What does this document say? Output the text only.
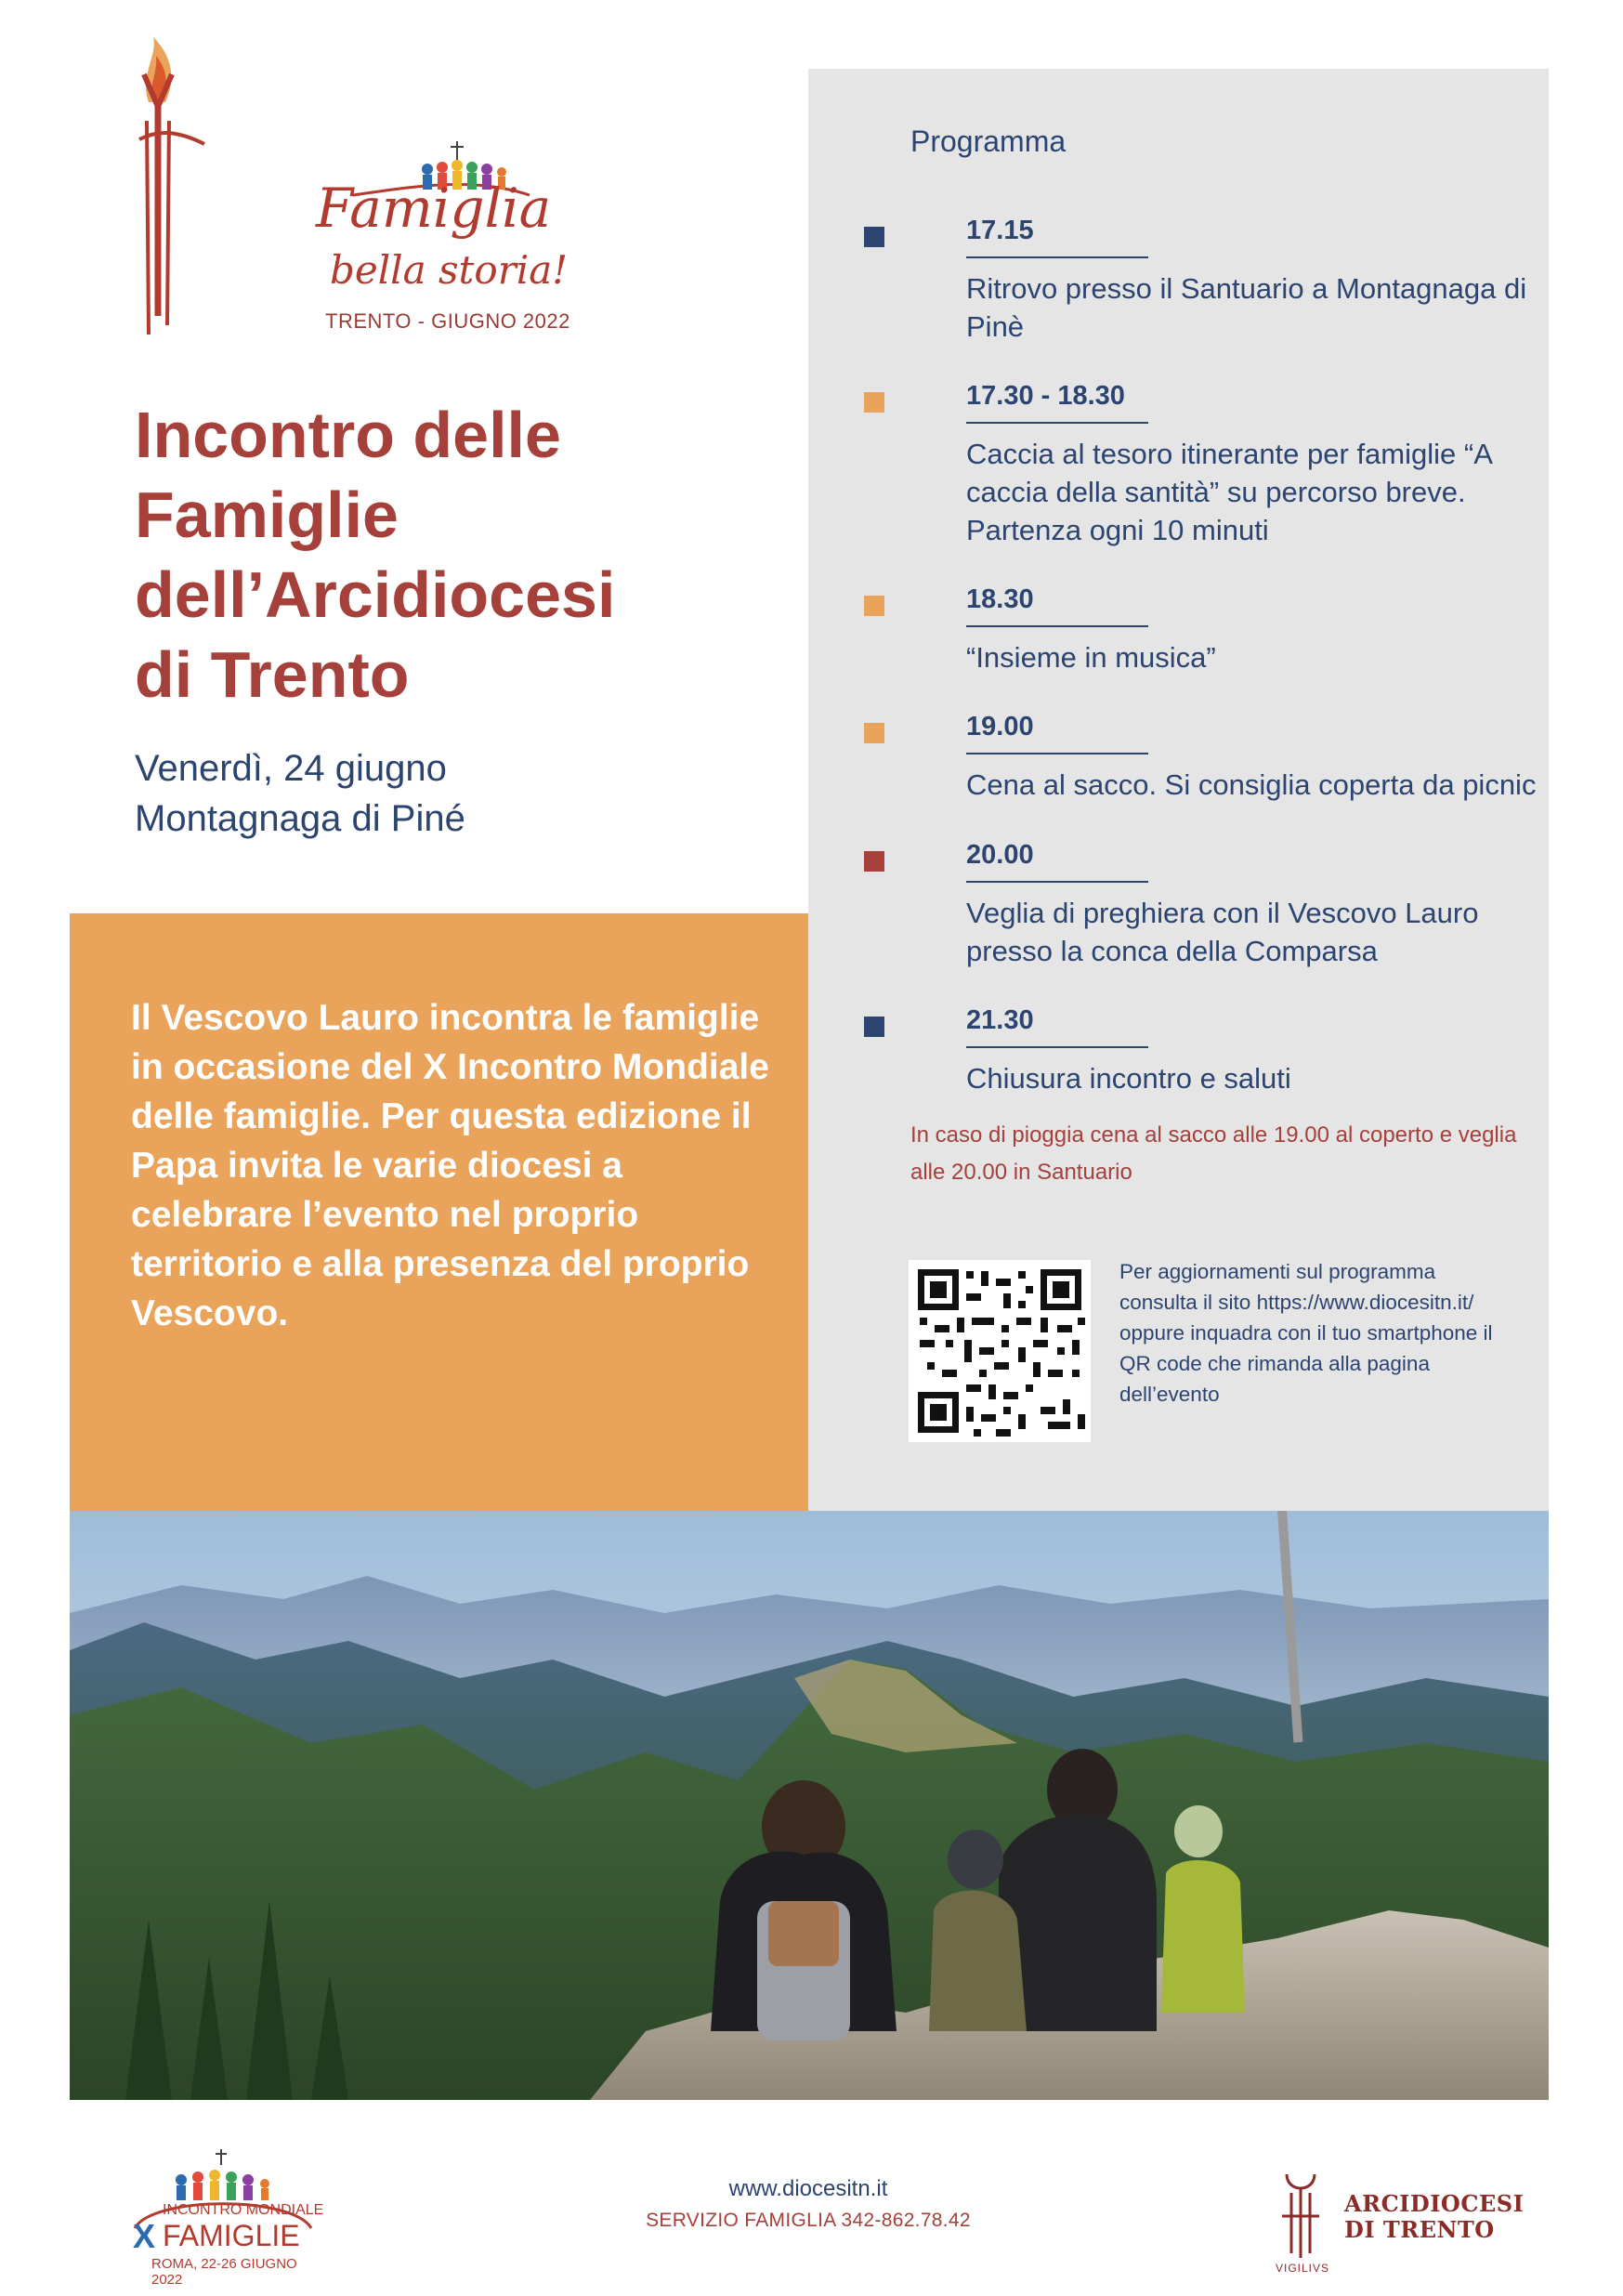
Famiglia
bella storia!
TRENTO - GIUGNO 2022
Incontro delle
Famiglie
dell’Arcidiocesi
di Trento
Venerdì, 24 giugno
Montagnaga di Piné
Programma
17.15
Ritrovo presso il Santuario a Montagnaga di Pinè
17.30 - 18.30
Caccia al tesoro itinerante per famiglie “A caccia della santità” su percorso breve. Partenza ogni 10 minuti
18.30
“Insieme in musica”
19.00
Cena al sacco. Si consiglia coperta da picnic
20.00
Veglia di preghiera con il Vescovo Lauro presso la conca della Comparsa
21.30
Chiusura incontro e saluti
In caso di pioggia cena al sacco alle 19.00 al coperto e veglia alle 20.00 in Santuario
Per aggiornamenti sul programma consulta il sito https://www.diocesitn.it/ oppure inquadra con il tuo smartphone il QR code che rimanda alla pagina dell’evento
Il Vescovo Lauro incontra le famiglie in occasione del X Incontro Mondiale delle famiglie. Per questa edizione il Papa invita le varie diocesi a celebrare l’evento nel proprio territorio e alla presenza del proprio Vescovo.
INCONTRO MONDIALE
X FAMIGLIE
ROMA, 22-26 GIUGNO 2022
www.diocesitn.it
SERVIZIO FAMIGLIA 342-862.78.42
VIGILIVS
ARCIDIOCESI
DI TRENTO
